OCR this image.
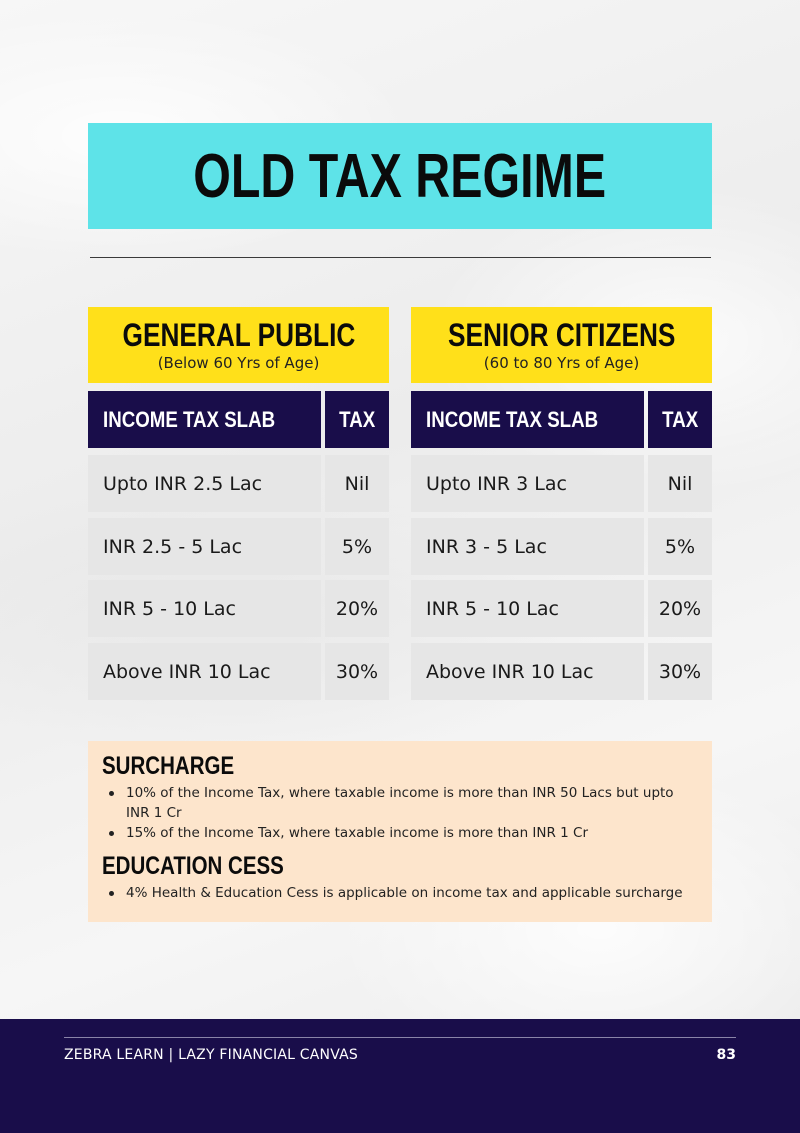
OLD TAX REGIME
GENERAL PUBLIC
(Below 60 Yrs of Age)
INCOME TAX SLAB	TAX
Upto INR 2.5 Lac	Nil
INR 2.5 - 5 Lac	5%
INR 5 - 10 Lac	20%
Above INR 10 Lac	30%
SENIOR CITIZENS
(60 to 80 Yrs of Age)
INCOME TAX SLAB	TAX
Upto INR 3 Lac	Nil
INR 3 - 5 Lac	5%
INR 5 - 10 Lac	20%
Above INR 10 Lac	30%
SURCHARGE
10% of the Income Tax, where taxable income is more than INR 50 Lacs but upto INR 1 Cr
15% of the Income Tax, where taxable income is more than INR 1 Cr
EDUCATION CESS
4% Health & Education Cess is applicable on income tax and applicable surcharge
ZEBRA LEARN | LAZY FINANCIAL CANVAS	83
